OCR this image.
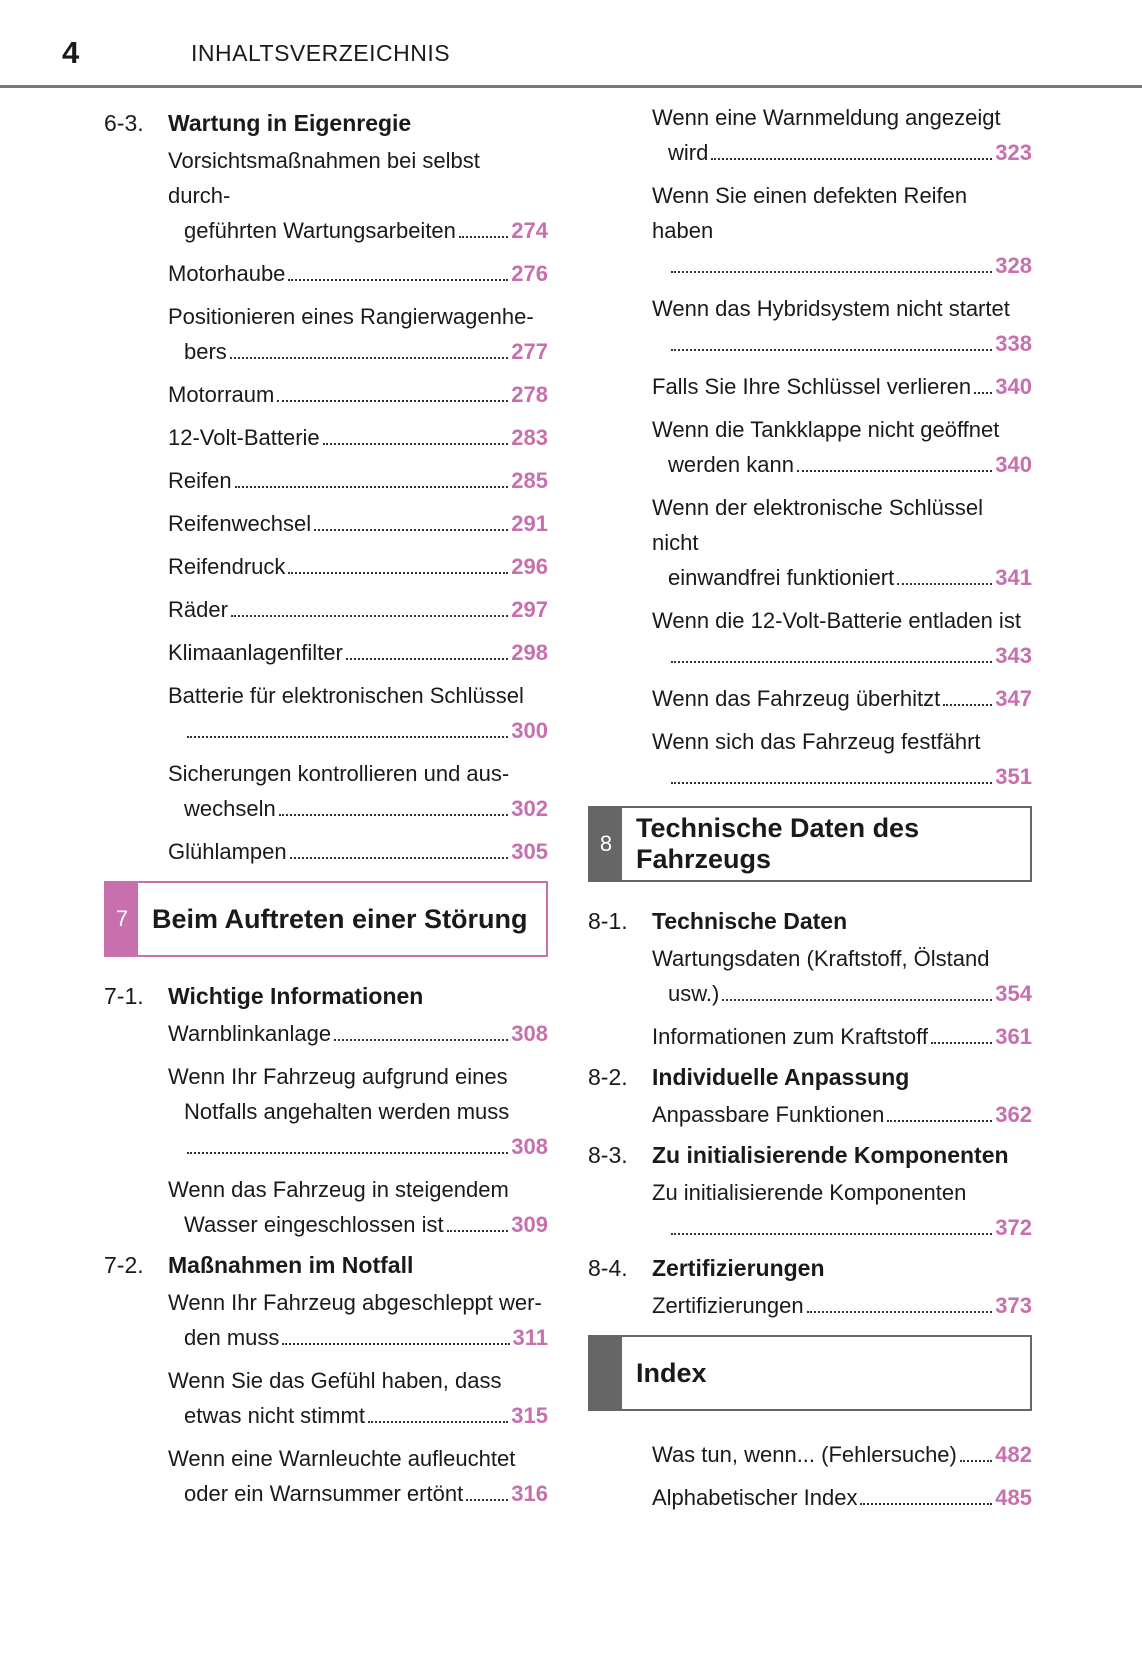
4	INHALTSVERZEICHNIS
6-3.	Wartung in Eigenregie
Vorsichtsmaßnahmen bei selbst durch-
geführten Wartungsarbeiten	274
Motorhaube	276
Positionieren eines Rangierwagenhe-
bers	277
Motorraum	278
12-Volt-Batterie	283
Reifen	285
Reifenwechsel	291
Reifendruck	296
Räder	297
Klimaanlagenfilter	298
Batterie für elektronischen Schlüssel
300
Sicherungen kontrollieren und aus-
wechseln	302
Glühlampen	305
7 Beim Auftreten einer Störung
7-1.	Wichtige Informationen
Warnblinkanlage	308
Wenn Ihr Fahrzeug aufgrund eines
Notfalls angehalten werden muss
308
Wenn das Fahrzeug in steigendem
Wasser eingeschlossen ist	309
7-2.	Maßnahmen im Notfall
Wenn Ihr Fahrzeug abgeschleppt wer-
den muss	311
Wenn Sie das Gefühl haben, dass
etwas nicht stimmt	315
Wenn eine Warnleuchte aufleuchtet
oder ein Warnsummer ertönt 316
Wenn eine Warnmeldung angezeigt
wird	323
Wenn Sie einen defekten Reifen haben
328
Wenn das Hybridsystem nicht startet
338
Falls Sie Ihre Schlüssel verlieren 340
Wenn die Tankklappe nicht geöffnet
werden kann	340
Wenn der elektronische Schlüssel nicht
einwandfrei funktioniert	341
Wenn die 12-Volt-Batterie entladen ist
343
Wenn das Fahrzeug überhitzt	347
Wenn sich das Fahrzeug festfährt
351
8
Technische Daten des Fahrzeugs
8-1.	Technische Daten
Wartungsdaten (Kraftstoff, Ölstand
usw.)	354
Informationen zum Kraftstoff	361
8-2.	Individuelle Anpassung
Anpassbare Funktionen	362
8-3.	Zu initialisierende Komponenten
Zu initialisierende Komponenten
372
8-4.	Zertifizierungen
Zertifizierungen	373
Index
Was tun, wenn... (Fehlersuche) 482
Alphabetischer Index	485
